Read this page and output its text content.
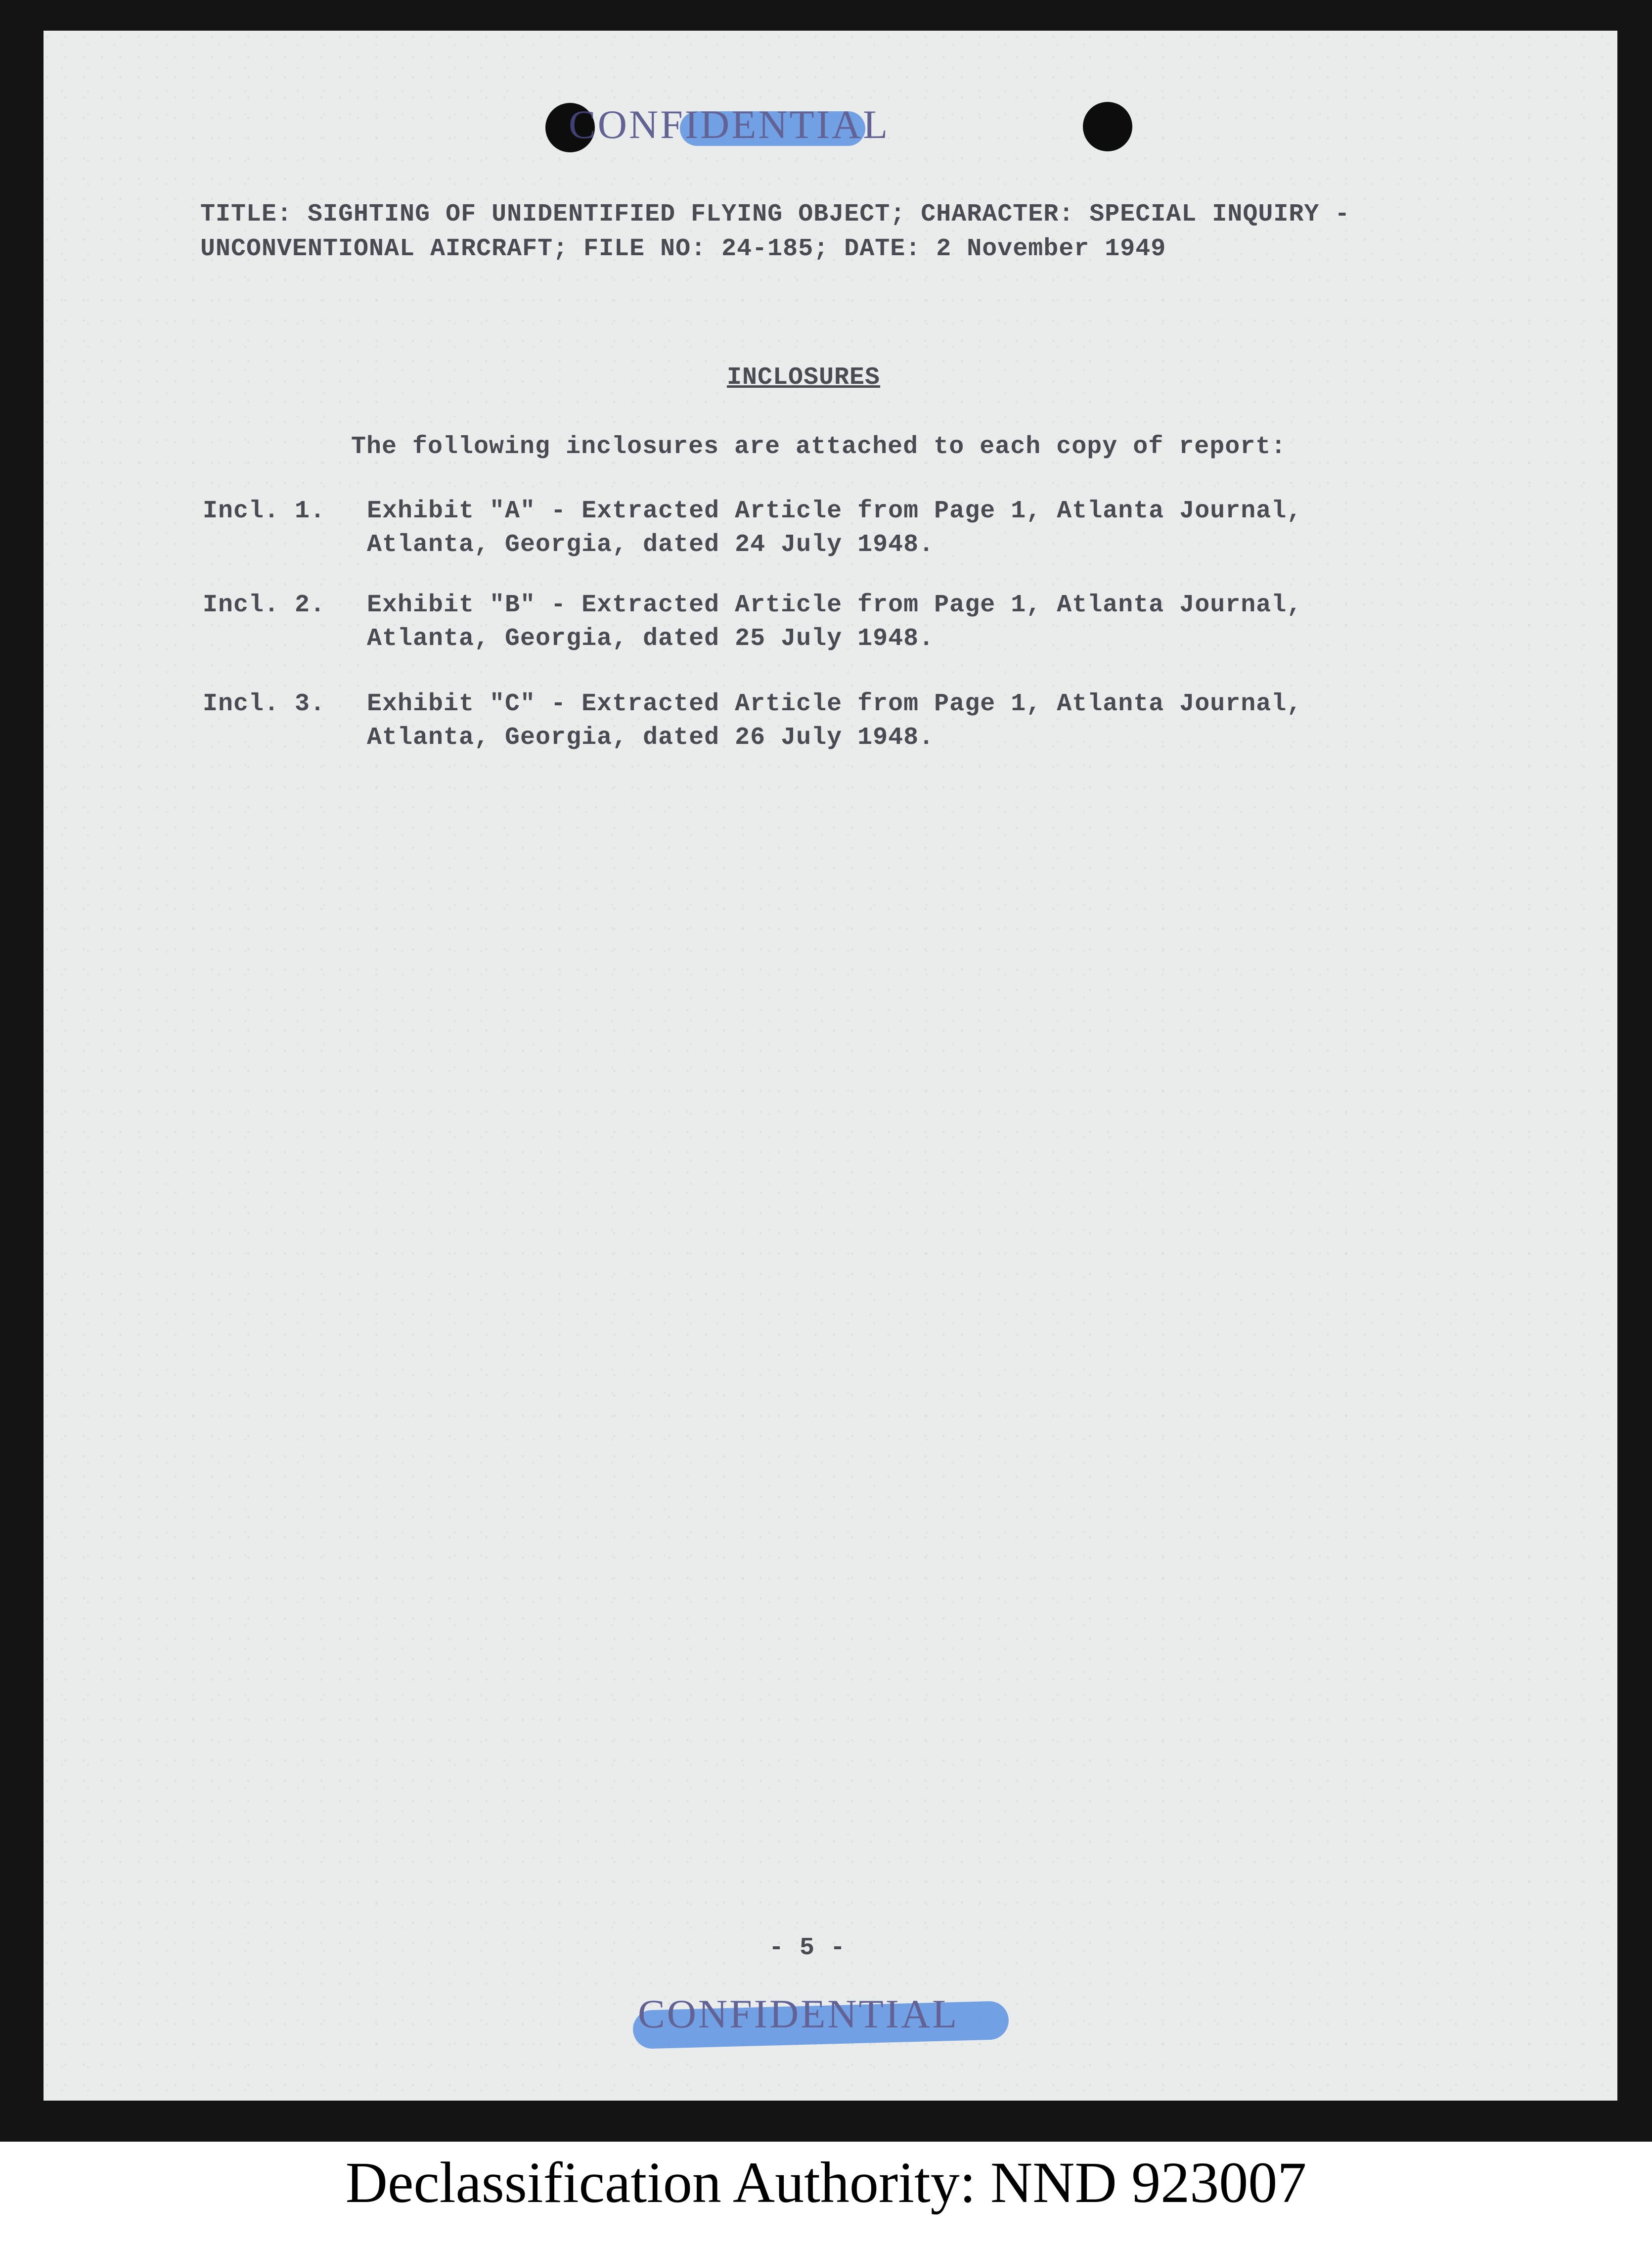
CONFIDENTIAL
TITLE: SIGHTING OF UNIDENTIFIED FLYING OBJECT; CHARACTER: SPECIAL INQUIRY -
UNCONVENTIONAL AIRCRAFT; FILE NO: 24-185; DATE: 2 November 1949
INCLOSURES
The following inclosures are attached to each copy of report:
Incl. 1. Exhibit "A" - Extracted Article from Page 1, Atlanta Journal,
Atlanta, Georgia, dated 24 July 1948.
Incl. 2. Exhibit "B" - Extracted Article from Page 1, Atlanta Journal,
Atlanta, Georgia, dated 25 July 1948.
Incl. 3. Exhibit "C" - Extracted Article from Page 1, Atlanta Journal,
Atlanta, Georgia, dated 26 July 1948.
- 5 -
CONFIDENTIAL
Declassification Authority: NND 923007
